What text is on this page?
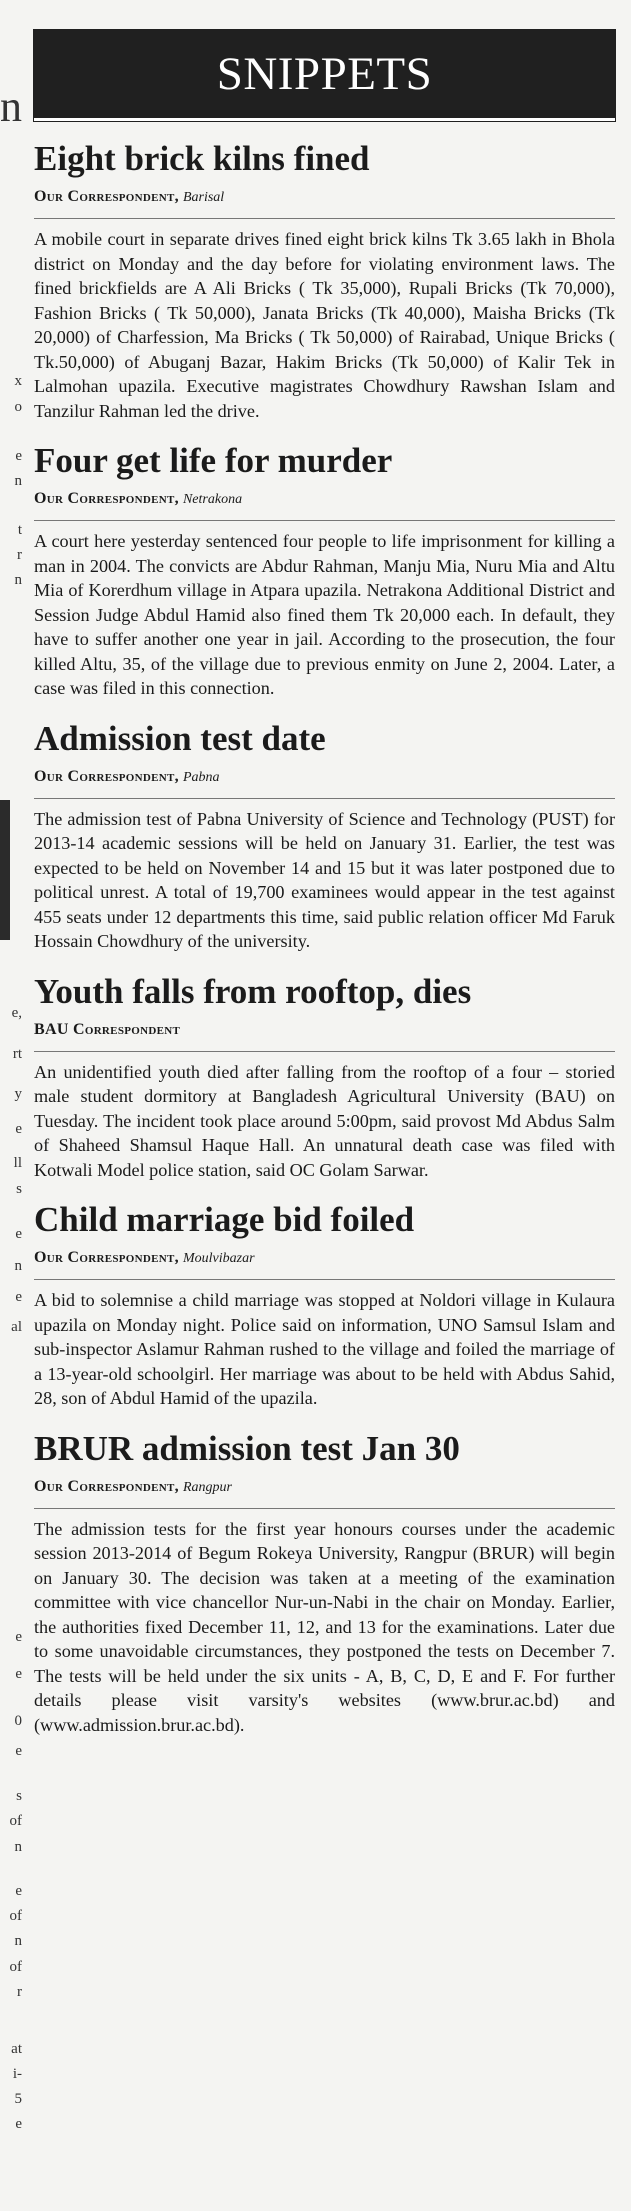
n
x
o
e
n
t
r
n
e,
rt
y
e
ll
s
e
n
e
al
e
e
0
e
s
of
n
e
of
n
of
r
at
i-
5
e
SNIPPETS
Eight brick kilns fined
Our Correspondent, Barisal
A mobile court in separate drives fined eight brick kilns Tk 3.65 lakh in Bhola district on Monday and the day before for violating environment laws. The fined brickfields are A Ali Bricks ( Tk 35,000), Rupali Bricks (Tk 70,000), Fashion Bricks ( Tk 50,000), Janata Bricks (Tk 40,000), Maisha Bricks (Tk 20,000) of Charfession, Ma Bricks ( Tk 50,000) of Rairabad, Unique Bricks ( Tk.50,000) of Abuganj Bazar, Hakim Bricks (Tk 50,000) of Kalir Tek in Lalmohan upazila. Executive magistrates Chowdhury Rawshan Islam and Tanzilur Rahman led the drive.
Four get life for murder
Our Correspondent, Netrakona
A court here yesterday sentenced four people to life imprisonment for killing a man in 2004. The convicts are Abdur Rahman, Manju Mia, Nuru Mia and Altu Mia of Korerdhum village in Atpara upazila. Netrakona Additional District and Session Judge Abdul Hamid also fined them Tk 20,000 each. In default, they have to suffer another one year in jail. According to the prosecution, the four killed Altu, 35, of the village due to previous enmity on June 2, 2004. Later, a case was filed in this connection.
Admission test date
Our Correspondent, Pabna
The admission test of Pabna University of Science and Technology (PUST) for 2013-14 academic sessions will be held on January 31. Earlier, the test was expected to be held on November 14 and 15 but it was later postponed due to political unrest. A total of 19,700 examinees would appear in the test against 455 seats under 12 departments this time, said public relation officer Md Faruk Hossain Chowdhury of the university.
Youth falls from rooftop, dies
BAU Correspondent
An unidentified youth died after falling from the rooftop of a four – storied male student dormitory at Bangladesh Agricultural University (BAU) on Tuesday. The incident took place around 5:00pm, said provost Md Abdus Salm of Shaheed Shamsul Haque Hall. An unnatural death case was filed with Kotwali Model police station, said OC Golam Sarwar.
Child marriage bid foiled
Our Correspondent, Moulvibazar
A bid to solemnise a child marriage was stopped at Noldori village in Kulaura upazila on Monday night. Police said on information, UNO Samsul Islam and sub-inspector Aslamur Rahman rushed to the village and foiled the marriage of a 13-year-old schoolgirl. Her marriage was about to be held with Abdus Sahid, 28, son of Abdul Hamid of the upazila.
BRUR admission test Jan 30
Our Correspondent, Rangpur
The admission tests for the first year honours courses under the academic session 2013-2014 of Begum Rokeya University, Rangpur (BRUR) will begin on January 30. The decision was taken at a meeting of the examination committee with vice chancellor Nur-un-Nabi in the chair on Monday. Earlier, the authorities fixed December 11, 12, and 13 for the examinations. Later due to some unavoidable circumstances, they postponed the tests on December 7. The tests will be held under the six units - A, B, C, D, E and F. For further details please visit varsity's websites (www.brur.ac.bd) and (www.admission.brur.ac.bd).
